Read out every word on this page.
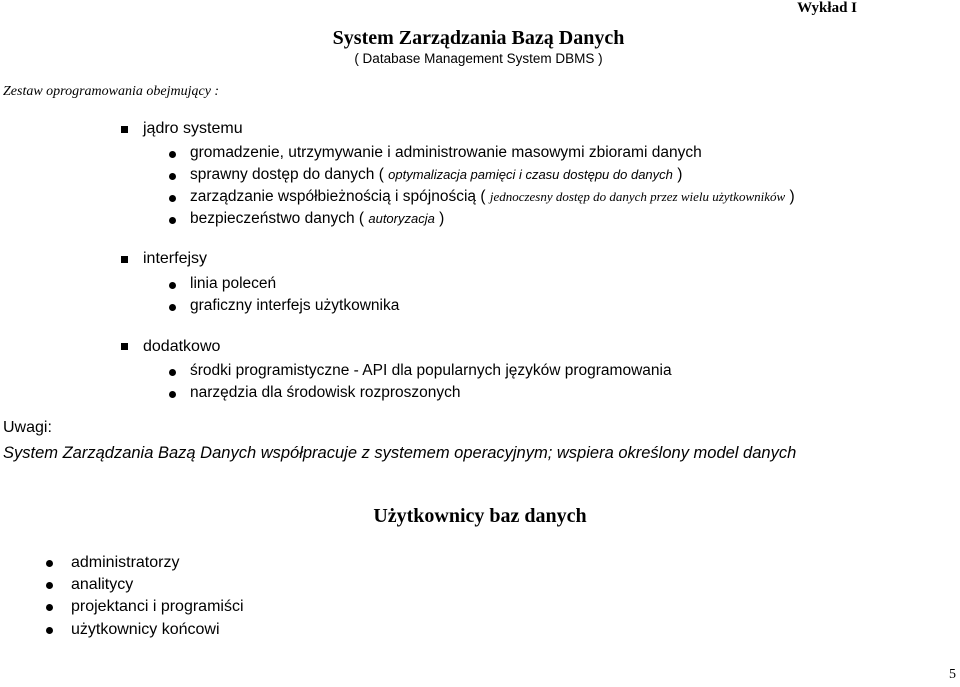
Wykład I
System Zarządzania Bazą Danych
( Database Management System DBMS )
Zestaw oprogramowania obejmujący :
jądro systemu
gromadzenie, utrzymywanie i administrowanie masowymi zbiorami danych
sprawny dostęp do danych ( optymalizacja pamięci i czasu dostępu do danych )
zarządzanie współbieżnością i spójnością ( jednoczesny dostęp do danych przez wielu użytkowników )
bezpieczeństwo danych ( autoryzacja )
interfejsy
linia poleceń
graficzny interfejs użytkownika
dodatkowo
środki programistyczne - API dla popularnych języków programowania
narzędzia dla środowisk rozproszonych
Uwagi:
System Zarządzania Bazą Danych współpracuje z systemem operacyjnym; wspiera określony model danych
Użytkownicy baz danych
administratorzy
analitycy
projektanci i programiści
użytkownicy końcowi
5
